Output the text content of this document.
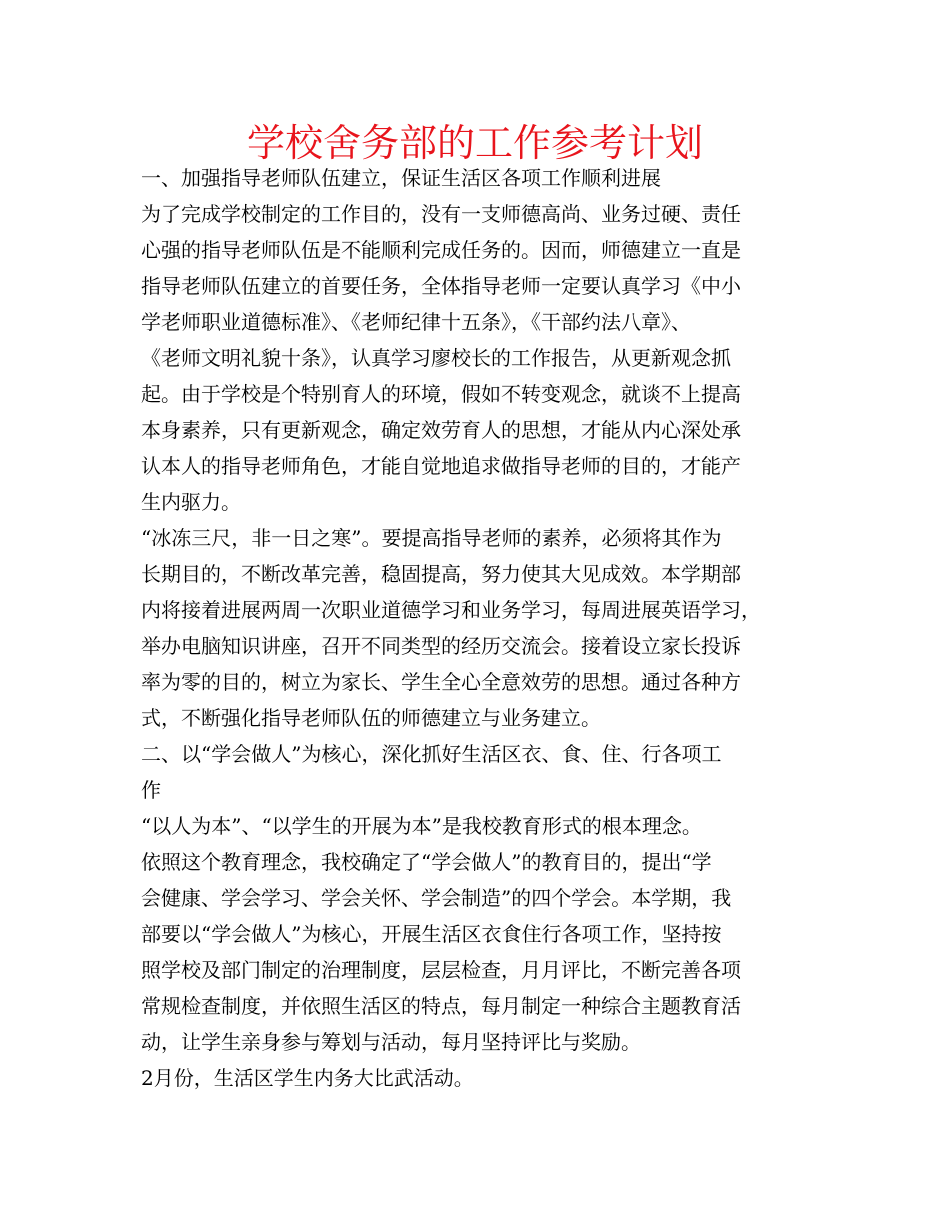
学校舍务部的工作参考计划
一、加强指导老师队伍建立，保证生活区各项工作顺利进展
为了完成学校制定的工作目的，没有一支师德高尚、业务过硬、责任
心强的指导老师队伍是不能顺利完成任务的。因而，师德建立一直是
指导老师队伍建立的首要任务，全体指导老师一定要认真学习《中小
学老师职业道德标准》、《老师纪律十五条》，《干部约法八章》、
《老师文明礼貌十条》，认真学习廖校长的工作报告，从更新观念抓
起。由于学校是个特别育人的环境，假如不转变观念，就谈不上提高
本身素养，只有更新观念，确定效劳育人的思想，才能从内心深处承
认本人的指导老师角色，才能自觉地追求做指导老师的目的，才能产
生内驱力。
“冰冻三尺，非一日之寒”。要提高指导老师的素养，必须将其作为
长期目的，不断改革完善，稳固提高，努力使其大见成效。本学期部
内将接着进展两周一次职业道德学习和业务学习，每周进展英语学习，
举办电脑知识讲座，召开不同类型的经历交流会。接着设立家长投诉
率为零的目的，树立为家长、学生全心全意效劳的思想。通过各种方
式，不断强化指导老师队伍的师德建立与业务建立。
二、以“学会做人”为核心，深化抓好生活区衣、食、住、行各项工
作
“以人为本”、“以学生的开展为本”是我校教育形式的根本理念。
依照这个教育理念，我校确定了“学会做人”的教育目的，提出“学
会健康、学会学习、学会关怀、学会制造”的四个学会。本学期，我
部要以“学会做人”为核心，开展生活区衣食住行各项工作，坚持按
照学校及部门制定的治理制度，层层检查，月月评比，不断完善各项
常规检查制度，并依照生活区的特点，每月制定一种综合主题教育活
动，让学生亲身参与筹划与活动，每月坚持评比与奖励。
2月份，生活区学生内务大比武活动。
